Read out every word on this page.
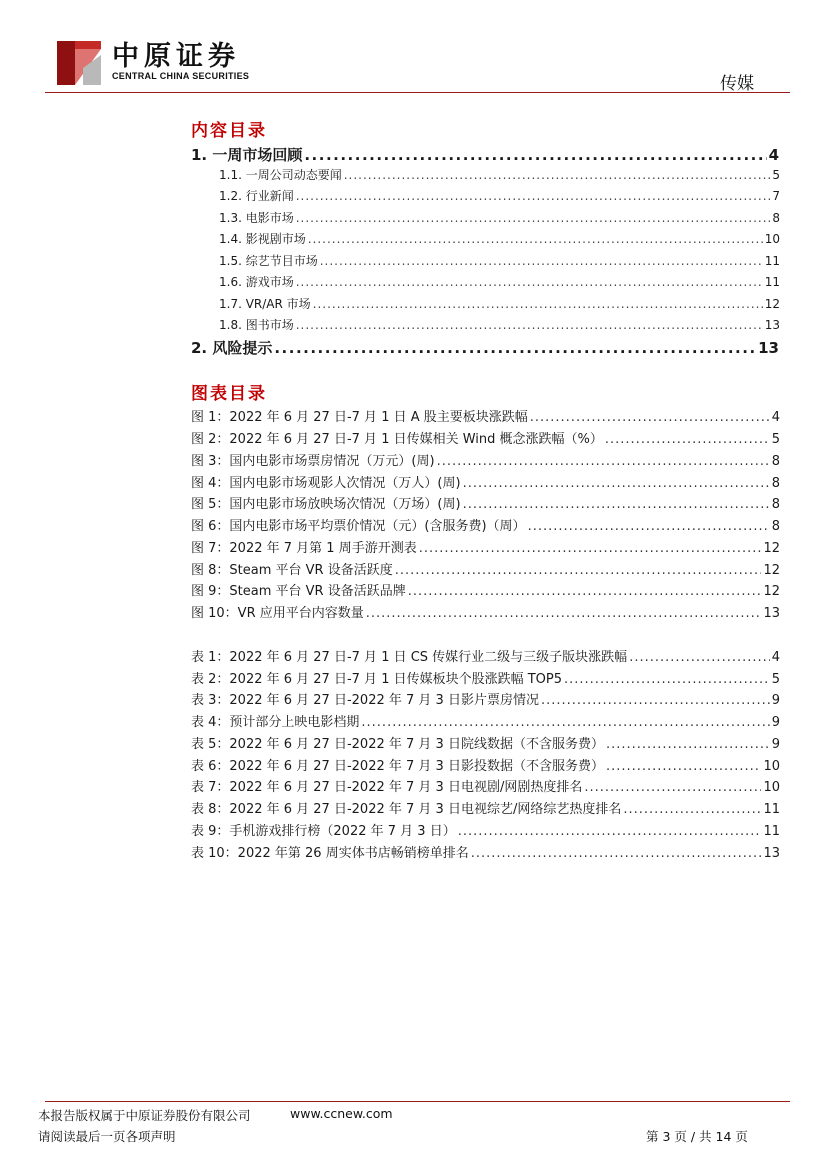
中原证券
CENTRAL CHINA SECURITIES	传媒
内容目录
1. 一周市场回顾 .....	4
1.1. 一周公司动态要闻 .....	5
1.2. 行业新闻 .....	7
1.3. 电影市场 .....	8
1.4. 影视剧市场 .....	10
1.5. 综艺节目市场 .....	11
1.6. 游戏市场 .....	11
1.7. VR/AR 市场 .....	12
1.8. 图书市场 .....	13
2. 风险提示 .....	13
图表目录
图 1：2022 年 6 月 27 日-7 月 1 日 A 股主要板块涨跌幅 .....	4
图 2：2022 年 6 月 27 日-7 月 1 日传媒相关 Wind 概念涨跌幅（%） .....	5
图 3：国内电影市场票房情况（万元）(周) .....	8
图 4：国内电影市场观影人次情况（万人）(周) .....	8
图 5：国内电影市场放映场次情况（万场）(周) .....	8
图 6：国内电影市场平均票价情况（元）(含服务费)（周） .....	8
图 7：2022 年 7 月第 1 周手游开测表 .....	12
图 8：Steam 平台 VR 设备活跃度 .....	12
图 9：Steam 平台 VR 设备活跃品牌 .....	12
图 10：VR 应用平台内容数量 .....	13
表 1：2022 年 6 月 27 日-7 月 1 日 CS 传媒行业二级与三级子版块涨跌幅 .....	4
表 2：2022 年 6 月 27 日-7 月 1 日传媒板块个股涨跌幅 TOP5 .....	5
表 3：2022 年 6 月 27 日-2022 年 7 月 3 日影片票房情况 .....	9
表 4：预计部分上映电影档期 .....	9
表 5：2022 年 6 月 27 日-2022 年 7 月 3 日院线数据（不含服务费） .....	9
表 6：2022 年 6 月 27 日-2022 年 7 月 3 日影投数据（不含服务费） .....	10
表 7：2022 年 6 月 27 日-2022 年 7 月 3 日电视剧/网剧热度排名 .....	10
表 8：2022 年 6 月 27 日-2022 年 7 月 3 日电视综艺/网络综艺热度排名 .....	11
表 9：手机游戏排行榜（2022 年 7 月 3 日） .....	11
表 10：2022 年第 26 周实体书店畅销榜单排名 .....	13
本报告版权属于中原证券股份有限公司	www.ccnew.com
请阅读最后一页各项声明	第 3 页 / 共 14 页
